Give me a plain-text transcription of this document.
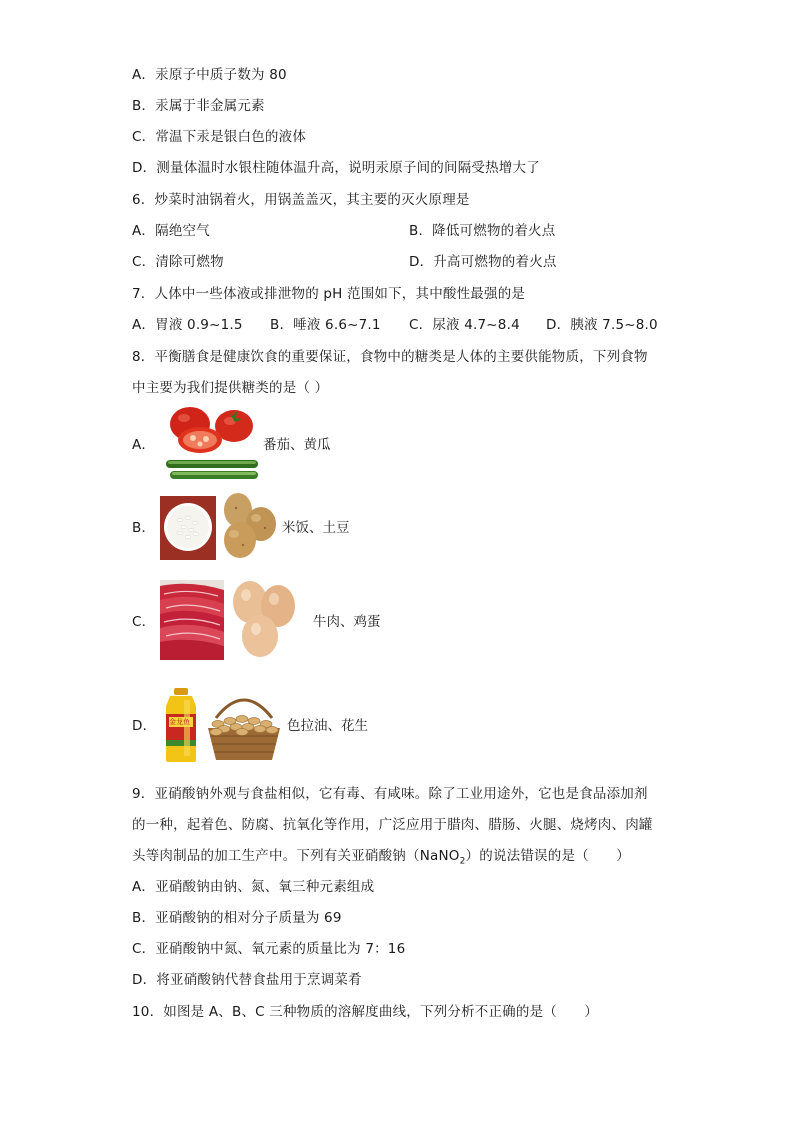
A．汞原子中质子数为 80
B．汞属于非金属元素
C．常温下汞是银白色的液体
D．测量体温时水银柱随体温升高，说明汞原子间的间隔受热增大了
6．炒菜时油锅着火，用锅盖盖灭，其主要的灭火原理是
A．隔绝空气	B．降低可燃物的着火点
C．清除可燃物	D．升高可燃物的着火点
7．人体中一些体液或排泄物的 pH 范围如下，其中酸性最强的是
A．胃液 0.9~1.5 B．唾液 6.6~7.1 C．尿液 4.7~8.4 D．胰液 7.5~8.0
8．平衡膳食是健康饮食的重要保证，食物中的糖类是人体的主要供能物质，下列食物
中主要为我们提供糖类的是（ ）
A．	番茄、黄瓜
B．	米饭、土豆
C．	牛肉、鸡蛋
D． 金龙鱼	色拉油、花生
9．亚硝酸钠外观与食盐相似，它有毒、有咸味。除了工业用途外，它也是食品添加剂
的一种，起着色、防腐、抗氧化等作用，广泛应用于腊肉、腊肠、火腿、烧烤肉、肉罐
头等肉制品的加工生产中。下列有关亚硝酸钠（NaNO$_2$）的说法错误的是（　　）
A．亚硝酸钠由钠、氮、氧三种元素组成
B．亚硝酸钠的相对分子质量为 69
C．亚硝酸钠中氮、氧元素的质量比为 7：16
D．将亚硝酸钠代替食盐用于烹调菜肴
10．如图是 A、B、C 三种物质的溶解度曲线，下列分析不正确的是（　　）
